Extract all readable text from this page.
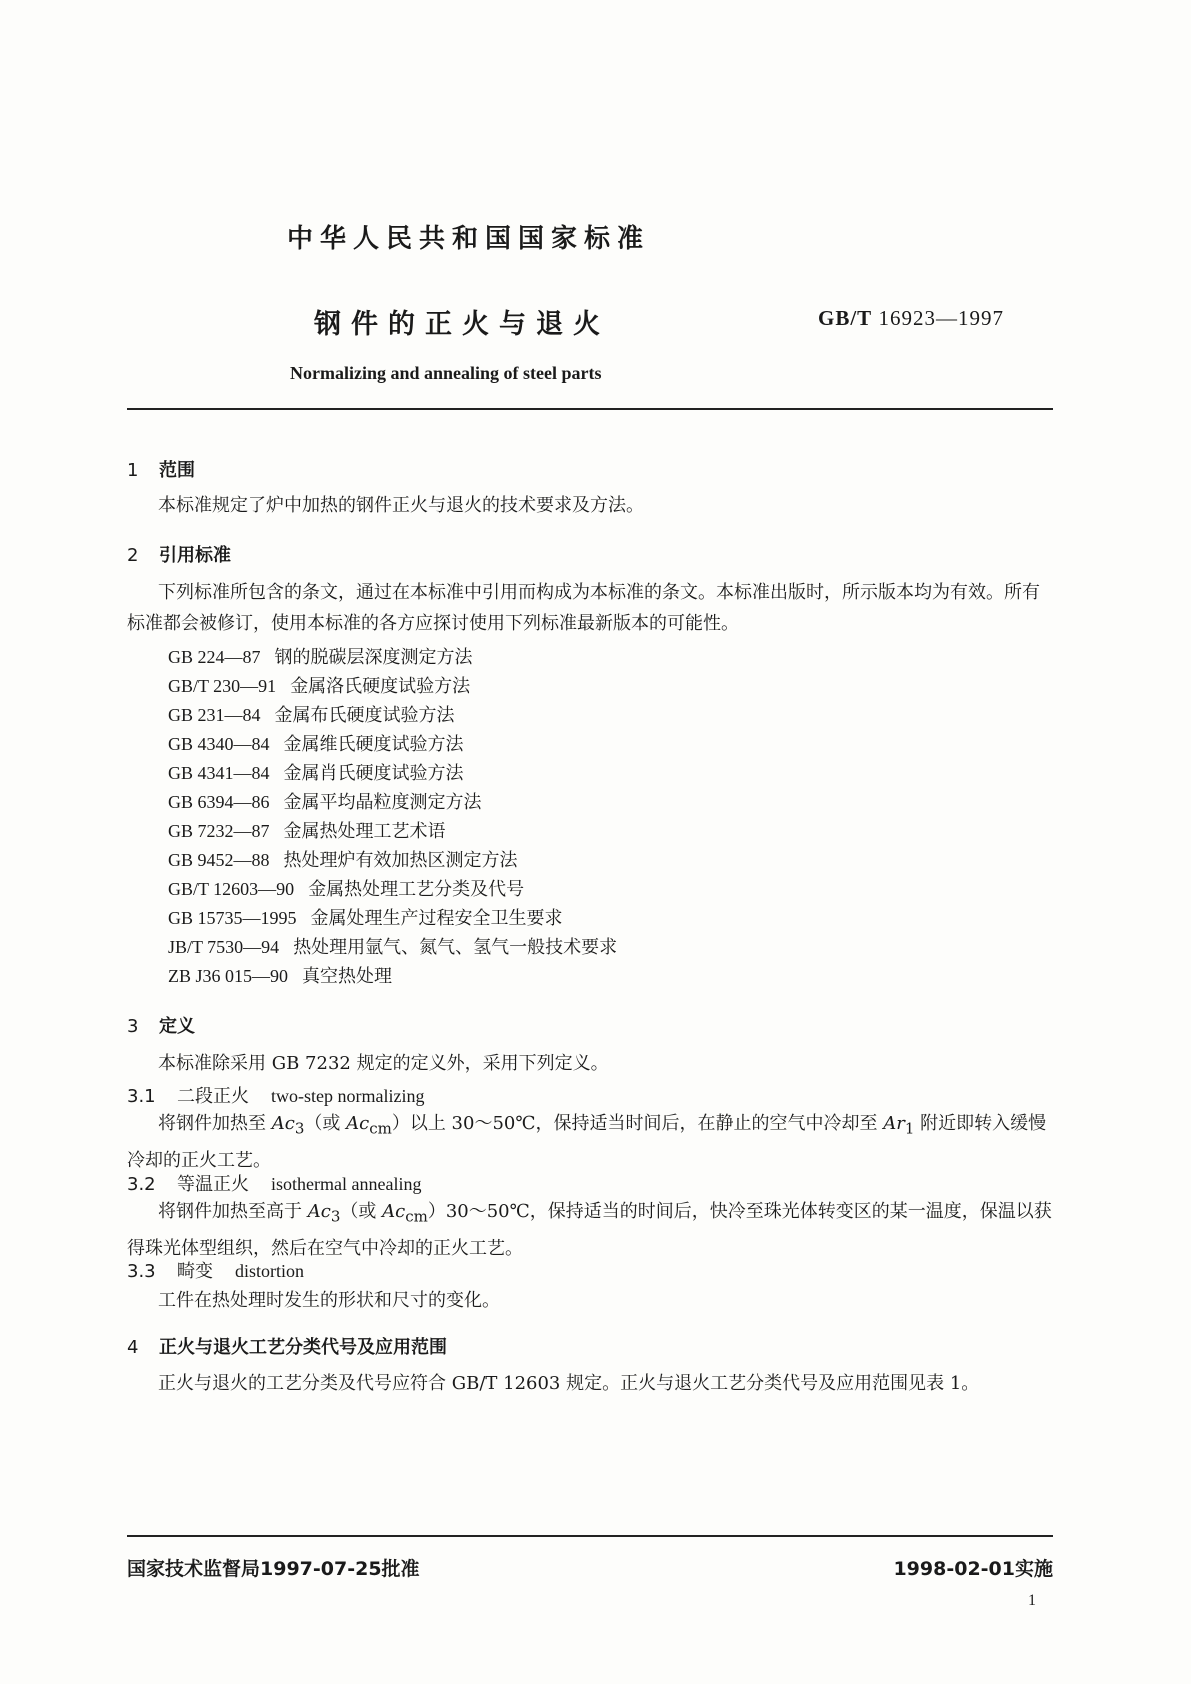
中华人民共和国国家标准
钢件的正火与退火	GB/T 16923—1997
Normalizing and annealing of steel parts
1 范围
本标准规定了炉中加热的钢件正火与退火的技术要求及方法。
2 引用标准
下列标准所包含的条文，通过在本标准中引用而构成为本标准的条文。本标准出版时，所示版本均为有效。所有标准都会被修订，使用本标准的各方应探讨使用下列标准最新版本的可能性。
GB 224—87 钢的脱碳层深度测定方法
GB/T 230—91 金属洛氏硬度试验方法
GB 231—84 金属布氏硬度试验方法
GB 4340—84 金属维氏硬度试验方法
GB 4341—84 金属肖氏硬度试验方法
GB 6394—86 金属平均晶粒度测定方法
GB 7232—87 金属热处理工艺术语
GB 9452—88 热处理炉有效加热区测定方法
GB/T 12603—90 金属热处理工艺分类及代号
GB 15735—1995 金属处理生产过程安全卫生要求
JB/T 7530—94 热处理用氩气、氮气、氢气一般技术要求
ZB J36 015—90 真空热处理
3 定义
本标准除采用 GB 7232 规定的定义外，采用下列定义。
3.1 二段正火 two-step normalizing
将钢件加热至 $Ac_3$（或 $Ac_{cm}$）以上 30～50℃，保持适当时间后，在静止的空气中冷却至 $Ar_1$ 附近即转入缓慢冷却的正火工艺。
3.2 等温正火 isothermal annealing
将钢件加热至高于 $Ac_3$（或 $Ac_{cm})30\sim 50℃$，保持适当的时间后，快冷至珠光体转变区的某一温度，保温以获得珠光体型组织，然后在空气中冷却的正火工艺。
3.3 畸变 distortion
工件在热处理时发生的形状和尺寸的变化。
4 正火与退火工艺分类代号及应用范围
正火与退火的工艺分类及代号应符合 GB/T 12603 规定。正火与退火工艺分类代号及应用范围见表 1。
国家技术监督局1997-07-25批准	1998-02-01实施
1
